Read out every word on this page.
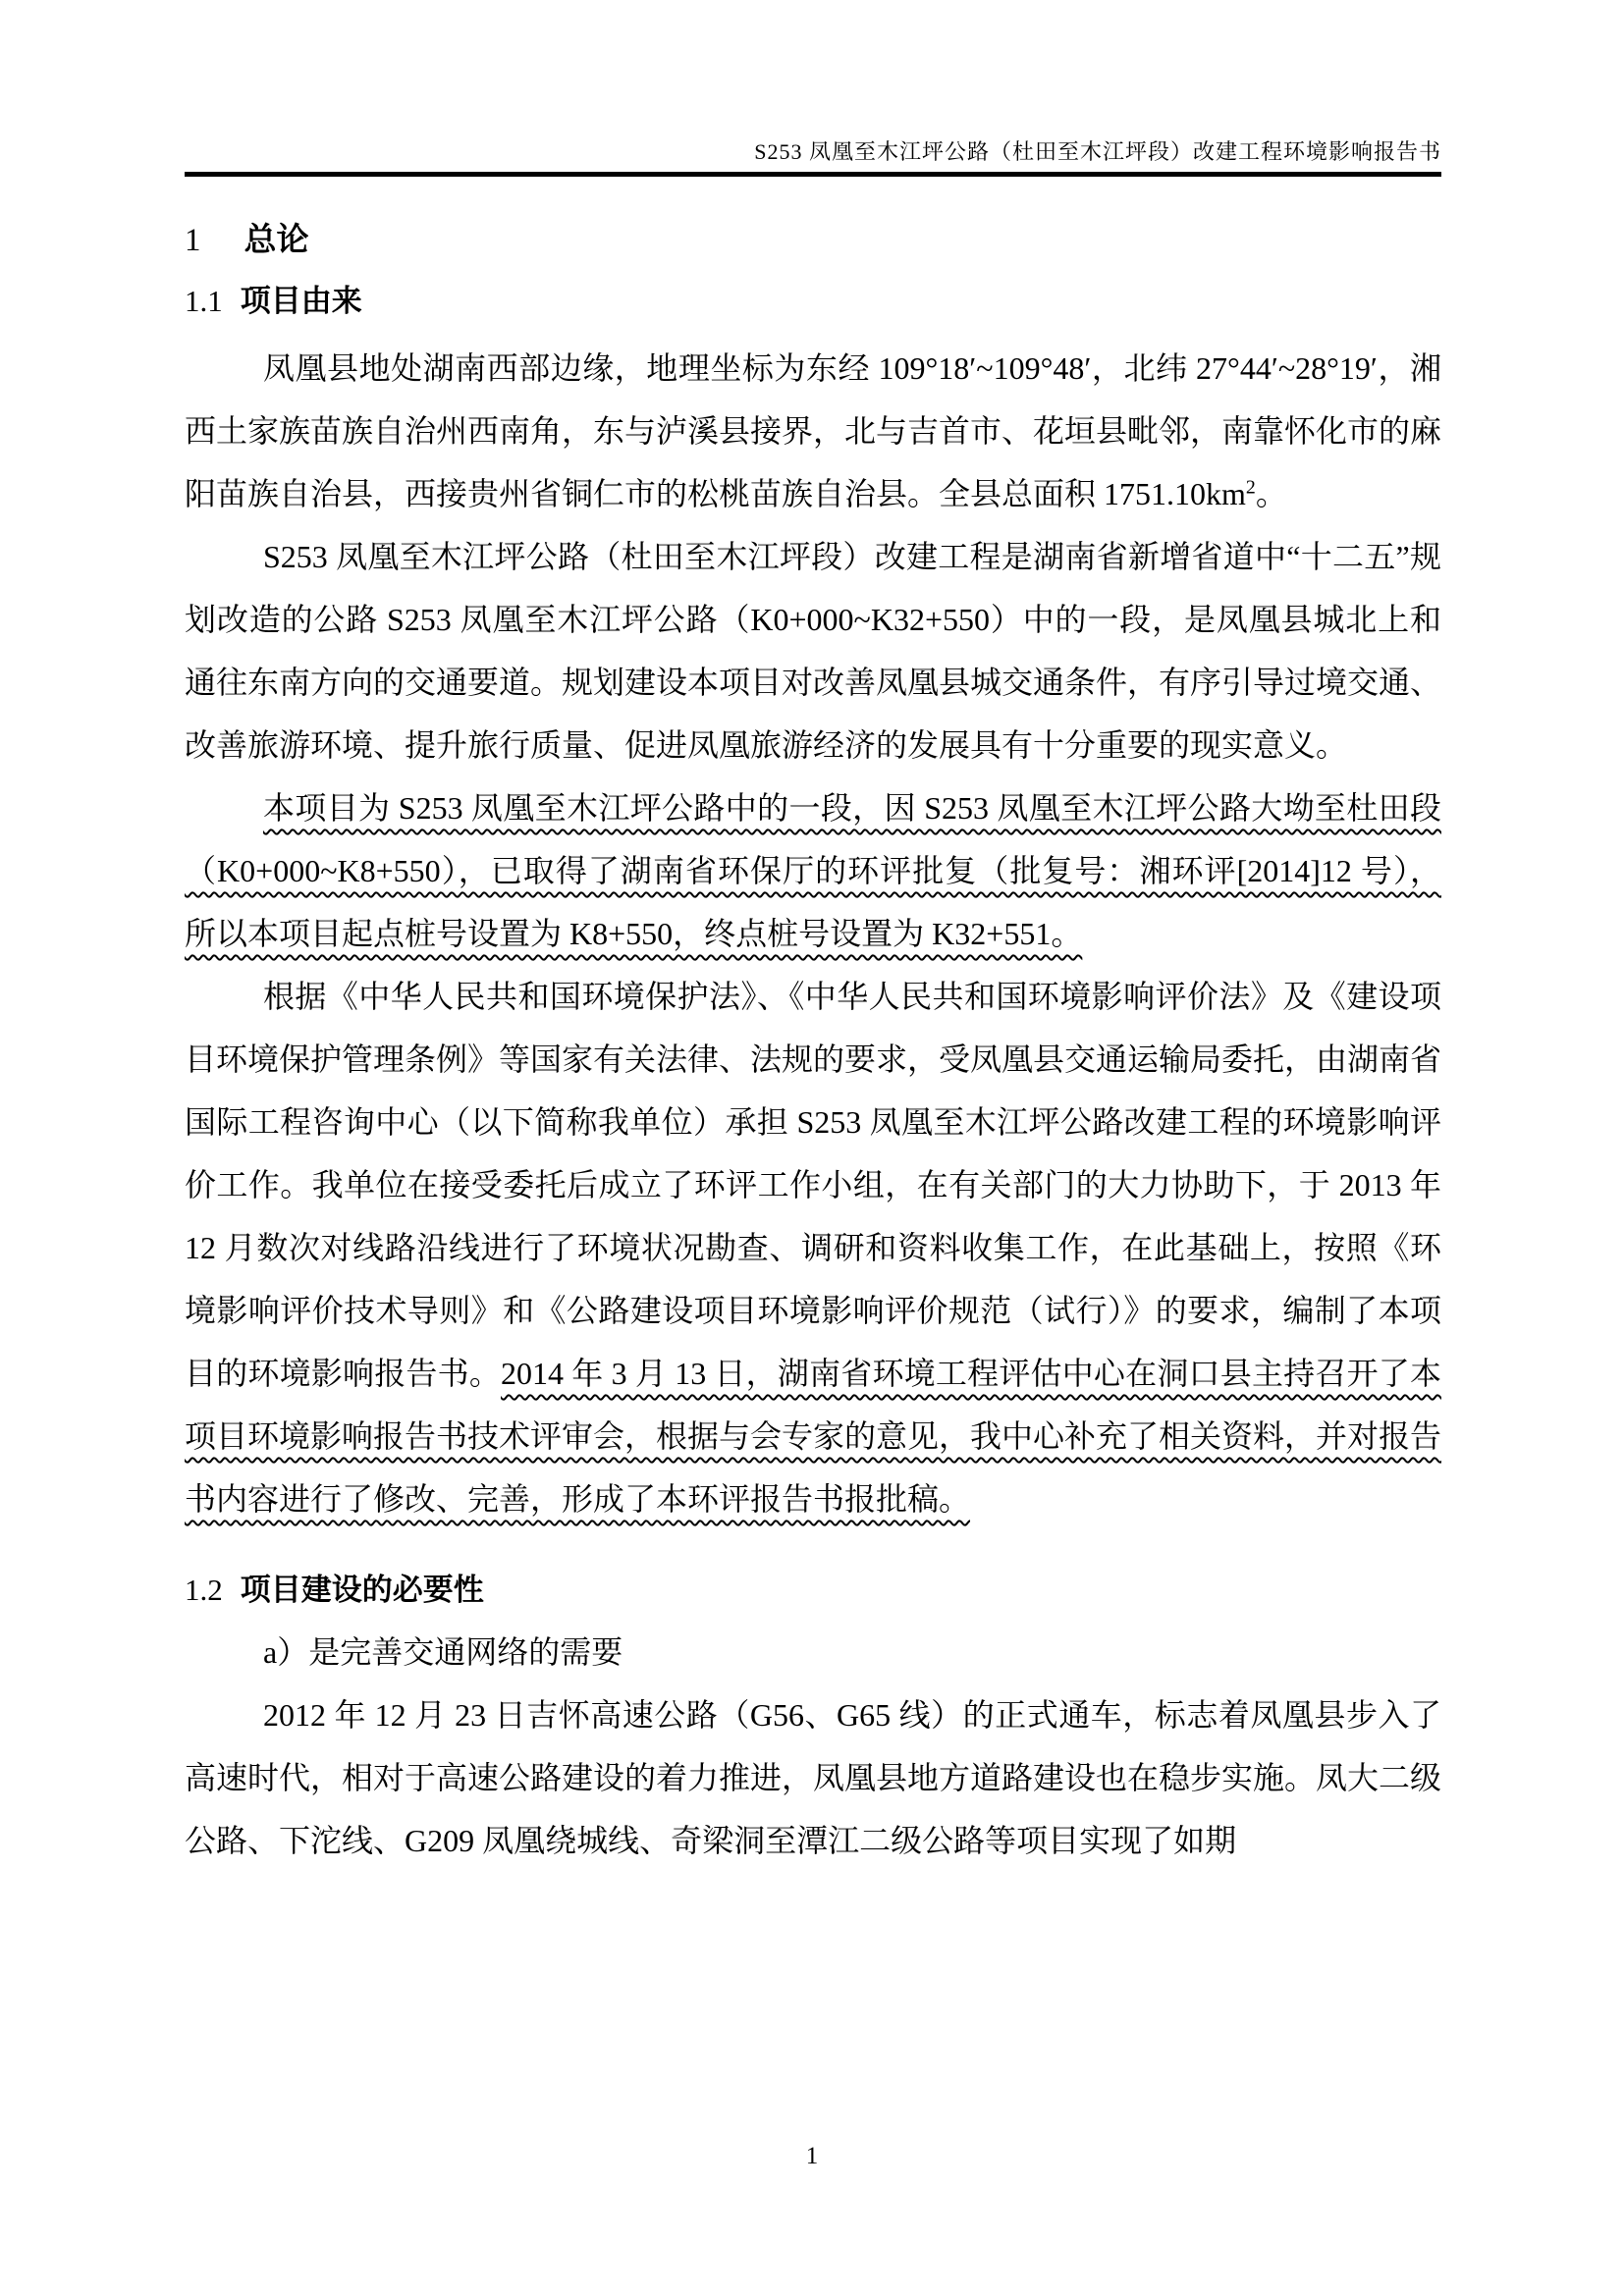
S253 凤凰至木江坪公路（杜田至木江坪段）改建工程环境影响报告书
1 总论
1.1 项目由来

凤凰县地处湖南西部边缘，地理坐标为东经 109°18′~109°48′，北纬 27°44′~28°19′，湘西土家族苗族自治州西南角，东与泸溪县接界，北与吉首市、花垣县毗邻，南靠怀化市的麻阳苗族自治县，西接贵州省铜仁市的松桃苗族自治县。全县总面积 $1751.10km^2$。

S253 凤凰至木江坪公路（杜田至木江坪段）改建工程是湖南省新增省道中“十二五”规划改造的公路 S253 凤凰至木江坪公路（K0+000~K32+550）中的一段，是凤凰县城北上和通往东南方向的交通要道。规划建设本项目对改善凤凰县城交通条件，有序引导过境交通、改善旅游环境、提升旅行质量、促进凤凰旅游经济的发展具有十分重要的现实意义。

本项目为 S253 凤凰至木江坪公路中的一段，因 S253 凤凰至木江坪公路大坳至杜田段（K0+000~K8+550），已取得了湖南省环保厅的环评批复（批复号：湘环评[2014]12 号），所以本项目起点桩号设置为 K8+550，终点桩号设置为 K32+551。

根据《中华人民共和国环境保护法》、《中华人民共和国环境影响评价法》及《建设项目环境保护管理条例》等国家有关法律、法规的要求，受凤凰县交通运输局委托，由湖南省国际工程咨询中心（以下简称我单位）承担 S253 凤凰至木江坪公路改建工程的环境影响评价工作。我单位在接受委托后成立了环评工作小组，在有关部门的大力协助下，于 2013 年 12 月数次对线路沿线进行了环境状况勘查、调研和资料收集工作，在此基础上，按照《环境影响评价技术导则》和《公路建设项目环境影响评价规范（试行）》的要求，编制了本项目的环境影响报告书。2014 年 3 月 13 日，湖南省环境工程评估中心在洞口县主持召开了本项目环境影响报告书技术评审会，根据与会专家的意见，我中心补充了相关资料，并对报告书内容进行了修改、完善，形成了本环评报告书报批稿。

1.2 项目建设的必要性

a）是完善交通网络的需要

2012 年 12 月 23 日吉怀高速公路（G56、G65 线）的正式通车，标志着凤凰县步入了高速时代，相对于高速公路建设的着力推进，凤凰县地方道路建设也在稳步实施。凤大二级公路、下沱线、G209 凤凰绕城线、奇梁洞至潭江二级公路等项目实现了如期

1
